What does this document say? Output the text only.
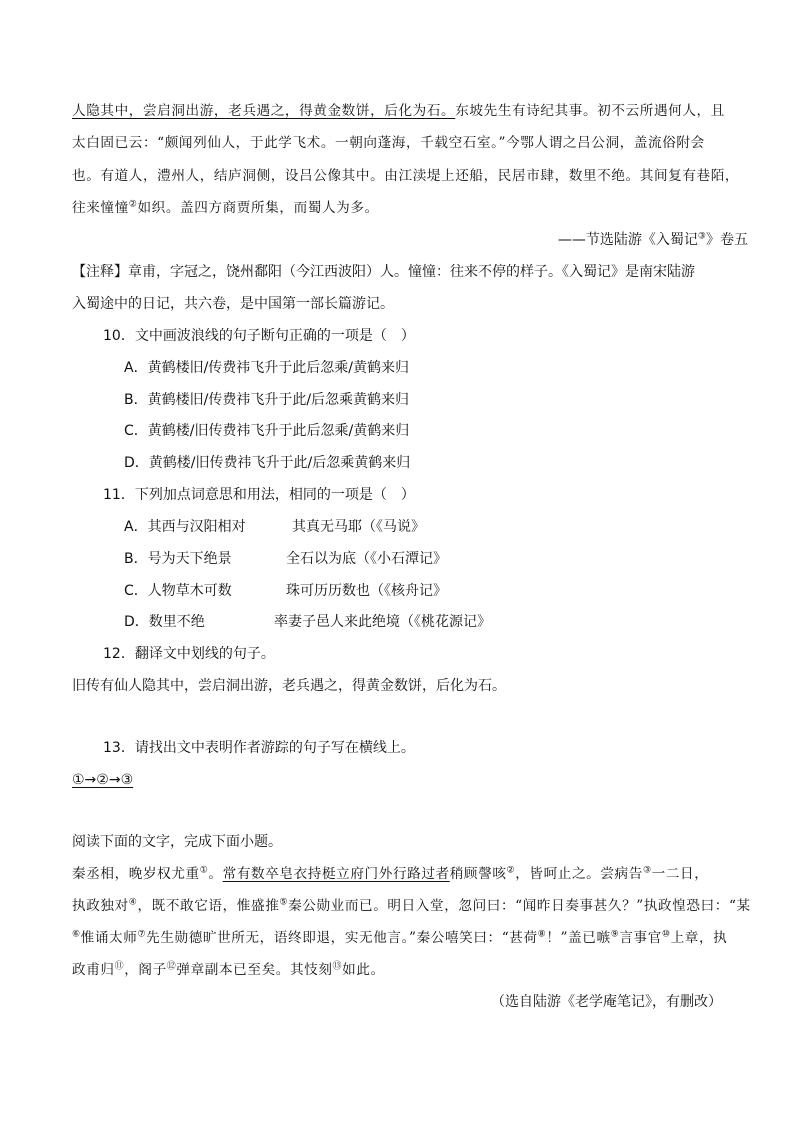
人隐其中，尝启洞出游，老兵遇之，得黄金数饼，后化为石。东坡先生有诗纪其事。初不云所遇何人，且
太白固已云：“颇闻列仙人，于此学飞术。一朝向蓬海，千载空石室。”今鄂人谓之吕公洞，盖流俗附会
也。有道人，澧州人，结庐洞侧，设吕公像其中。由江渎堤上还船，民居市肆，数里不绝。其间复有巷陌，
往来憧憧②如织。盖四方商贾所集，而蜀人为多。
——节选陆游《入蜀记③》卷五
【注释】章甫，字冠之，饶州鄱阳（今江西波阳）人。憧憧：往来不停的样子。《入蜀记》是南宋陆游
入蜀途中的日记，共六卷，是中国第一部长篇游记。
10．文中画波浪线的句子断句正确的一项是（　）
A．黄鹤楼旧/传费祎飞升于此后忽乘/黄鹤来归
B．黄鹤楼旧/传费祎飞升于此/后忽乘黄鹤来归
C．黄鹤楼/旧传费祎飞升于此后忽乘/黄鹤来归
D．黄鹤楼/旧传费祎飞升于此/后忽乘黄鹤来归
11．下列加点词意思和用法，相同的一项是（　）
A．其西与汉阳相对	其真无马耶（《马说》
B．号为天下绝景	全石以为底（《小石潭记》
C．人物草木可数	珠可历历数也（《核舟记》
D．数里不绝	率妻子邑人来此绝境（《桃花源记》
12．翻译文中划线的句子。
旧传有仙人隐其中，尝启洞出游，老兵遇之，得黄金数饼，后化为石。
13．请找出文中表明作者游踪的句子写在横线上。
①→②→③
阅读下面的文字，完成下面小题。
秦丞相，晚岁权尤重①。常有数卒皂衣持梃立府门外行路过者稍顾謦咳②，皆呵止之。尝病告③一二日，
执政独对④，既不敢它语，惟盛推⑤秦公勋业而已。明日入堂，忽问曰：“闻昨日奏事甚久？”执政惶恐曰：“某
⑥惟诵太师⑦先生勋德旷世所无，语终即退，实无他言。”秦公嘻笑曰：“甚荷⑧！”盖已嗾⑨言事官⑩上章，执
政甫归⑪，阁子⑫弹章副本已至矣。其忮刻⑬如此。
（选自陆游《老学庵笔记》，有删改）
